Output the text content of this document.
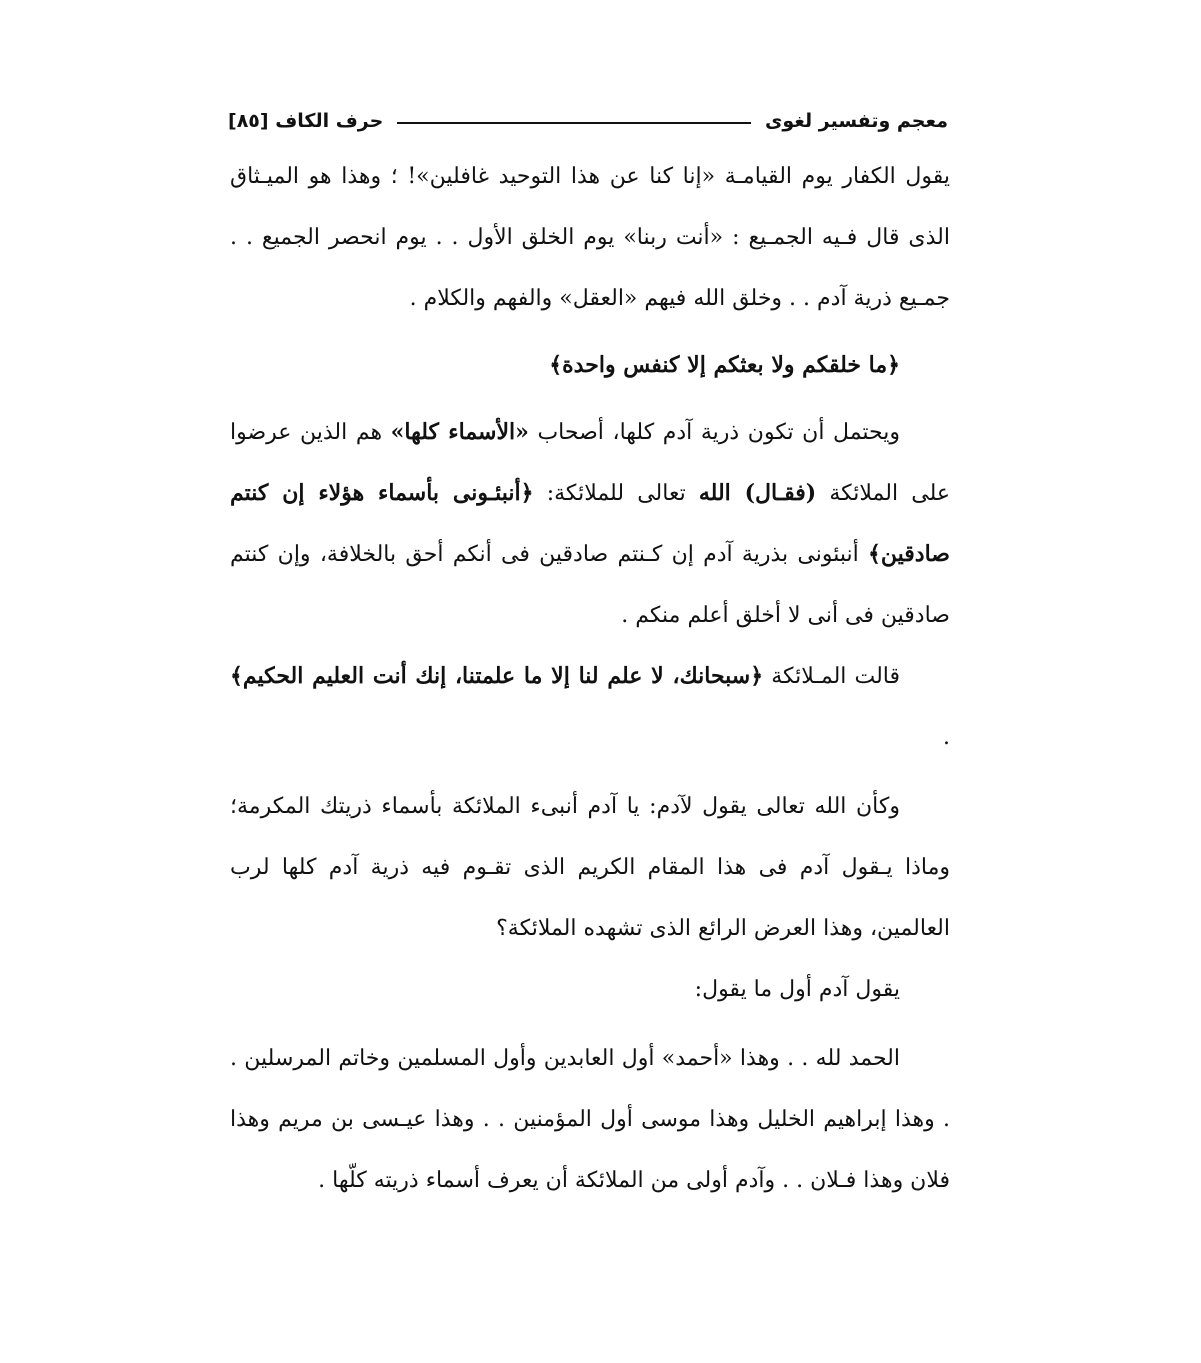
معجم وتفسير لغوى
حرف الكاف [٨٥]

يقول الكفار يوم القيامـة «إنا كنا عن هذا التوحيد غافلين»! ؛ وهذا هو الميـثاق الذى قال فـيه الجمـيع : «أنت ربنا» يوم الخلق الأول . . يوم انحصر الجميع . . جمـيع ذرية آدم . . وخلق الله فيهم «العقل» والفهم والكلام .

﴿ما خلقكم ولا بعثكم إلا كنفس واحدة﴾

ويحتمل أن تكون ذرية آدم كلها، أصحاب «الأسماء كلها» هم الذين عرضوا على الملائكة (فقـال) الله تعالى للملائكة: ﴿أنبئـونى بأسماء هؤلاء إن كنتم صادقين﴾ أنبئونى بذرية آدم إن كـنتم صادقين فى أنكم أحق بالخلافة، وإن كنتم صادقين فى أنى لا أخلق أعلم منكم .

قالت المـلائكة ﴿سبحانك، لا علم لنا إلا ما علمتنا، إنك أنت العليم الحكيم﴾ .

وكأن الله تعالى يقول لآدم: يا آدم أنبىء الملائكة بأسماء ذريتك المكرمة؛ وماذا يـقول آدم فى هذا المقام الكريم الذى تقـوم فيه ذرية آدم كلها لرب العالمين، وهذا العرض الرائع الذى تشهده الملائكة؟

يقول آدم أول ما يقول:

الحمد لله . . وهذا «أحمد» أول العابدين وأول المسلمين وخاتم المرسلين . . وهذا إبراهيم الخليل وهذا موسى أول المؤمنين . . وهذا عيـسى بن مريم وهذا فلان وهذا فـلان . . وآدم أولى من الملائكة أن يعرف أسماء ذريته كلّها .
